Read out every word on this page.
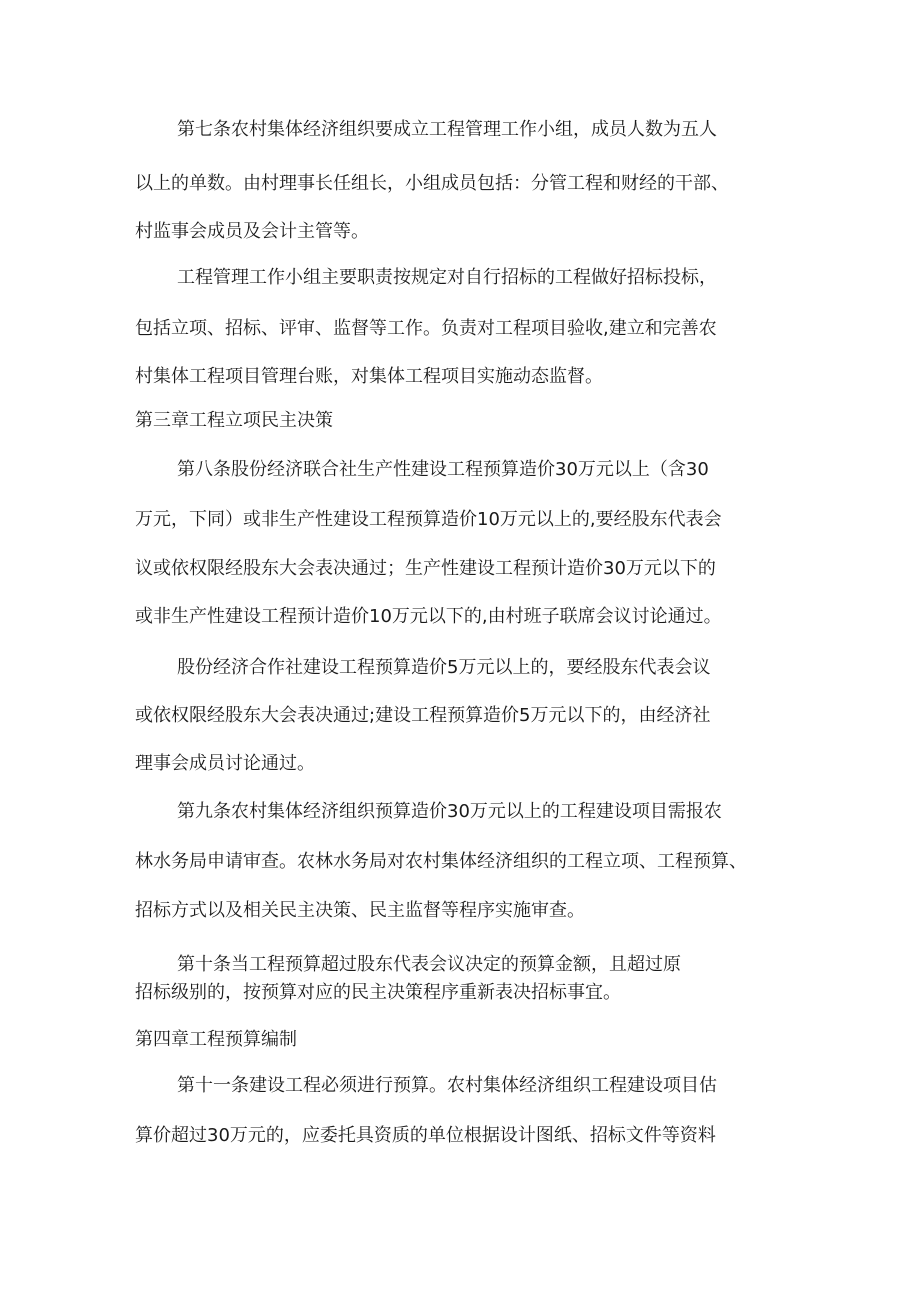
第七条农村集体经济组织要成立工程管理工作小组，成员人数为五人
以上的单数。由村理事长任组长，小组成员包括：分管工程和财经的干部、
村监事会成员及会计主管等。
工程管理工作小组主要职责按规定对自行招标的工程做好招标投标，
包括立项、招标、评审、监督等工作。负责对工程项目验收,建立和完善农
村集体工程项目管理台账，对集体工程项目实施动态监督。
第三章工程立项民主决策
第八条股份经济联合社生产性建设工程预算造价30万元以上（含30
万元，下同）或非生产性建设工程预算造价10万元以上的,要经股东代表会
议或依权限经股东大会表决通过；生产性建设工程预计造价30万元以下的
或非生产性建设工程预计造价10万元以下的,由村班子联席会议讨论通过。
股份经济合作社建设工程预算造价5万元以上的，要经股东代表会议
或依权限经股东大会表决通过;建设工程预算造价5万元以下的，由经济社
理事会成员讨论通过。
第九条农村集体经济组织预算造价30万元以上的工程建设项目需报农
林水务局申请审查。农林水务局对农村集体经济组织的工程立项、工程预算、
招标方式以及相关民主决策、民主监督等程序实施审查。
第十条当工程预算超过股东代表会议决定的预算金额，且超过原
招标级别的，按预算对应的民主决策程序重新表决招标事宜。
第四章工程预算编制
第十一条建设工程必须进行预算。农村集体经济组织工程建设项目估
算价超过30万元的，应委托具资质的单位根据设计图纸、招标文件等资料
